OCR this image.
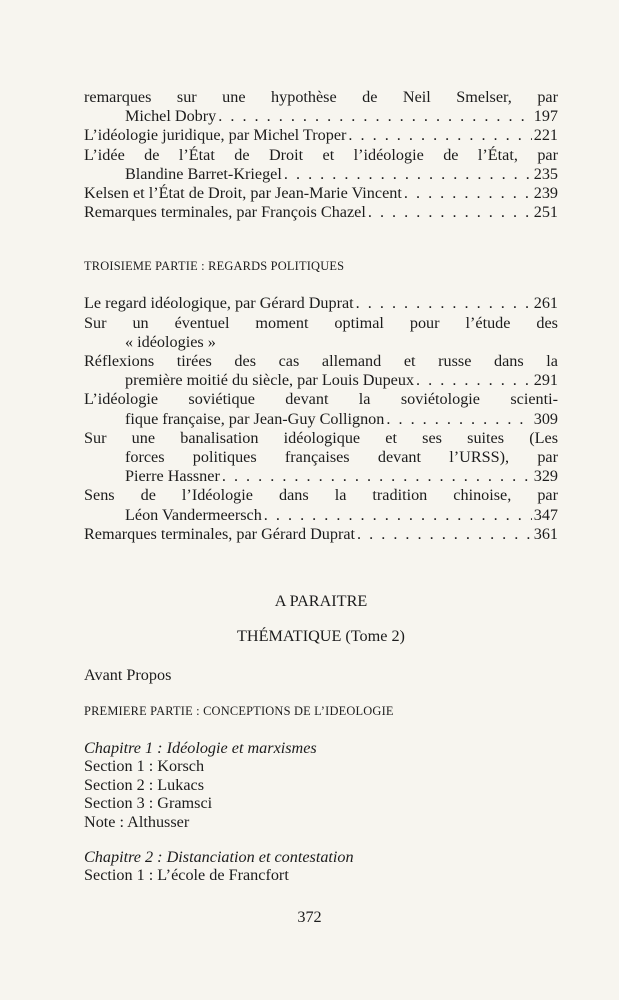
remarques sur une hypothèse de Neil Smelser, par
Michel Dobry . . .	197
L’idéologie juridique, par Michel Troper . . .	221
L’idée de l’État de Droit et l’idéologie de l’État, par
Blandine Barret-Kriegel . . .	235
Kelsen et l’État de Droit, par Jean-Marie Vincent . . .	239
Remarques terminales, par François Chazel . . .	251
TROISIEME PARTIE : REGARDS POLITIQUES
Le regard idéologique, par Gérard Duprat . . .	261
Sur un éventuel moment optimal pour l’étude des
« idéologies »
Réflexions tirées des cas allemand et russe dans la
première moitié du siècle, par Louis Dupeux . . .	291
L’idéologie soviétique devant la soviétologie scienti-
fique française, par Jean-Guy Collignon . . .	309
Sur une banalisation idéologique et ses suites (Les
forces politiques françaises devant l’URSS), par
Pierre Hassner . . .	329
Sens de l’Idéologie dans la tradition chinoise, par
Léon Vandermeersch . . .	347
Remarques terminales, par Gérard Duprat . . .	361
A PARAITRE
THÉMATIQUE (Tome 2)
Avant Propos
PREMIERE PARTIE : CONCEPTIONS DE L’IDEOLOGIE
Chapitre 1 : Idéologie et marxismes
Section 1 : Korsch
Section 2 : Lukacs
Section 3 : Gramsci
Note : Althusser
Chapitre 2 : Distanciation et contestation
Section 1 : L’école de Francfort
372
